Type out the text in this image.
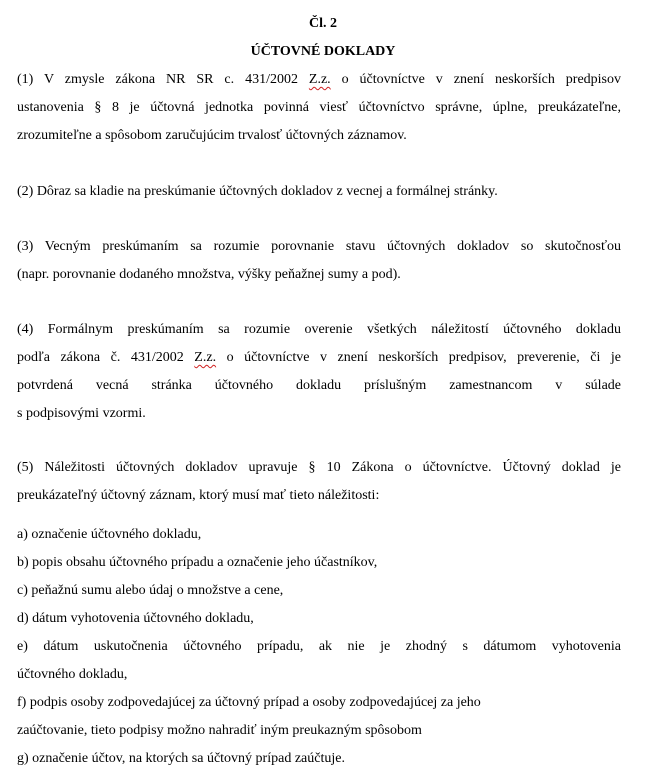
Čl. 2
ÚČTOVNÉ DOKLADY
(1) V zmysle zákona NR SR c. 431/2002 Z.z. o účtovníctve v znení neskorších predpisov
ustanovenia § 8 je účtovná jednotka povinná viesť účtovníctvo správne, úplne, preukázateľne,
zrozumiteľne a spôsobom zaručujúcim trvalosť účtovných záznamov.
(2) Dôraz sa kladie na preskúmanie účtovných dokladov z vecnej a formálnej stránky.
(3) Vecným preskúmaním sa rozumie porovnanie stavu účtovných dokladov so skutočnosťou
(napr. porovnanie dodaného množstva, výšky peňažnej sumy a pod).
(4) Formálnym preskúmaním sa rozumie overenie všetkých náležitostí účtovného dokladu
podľa zákona č. 431/2002 Z.z. o účtovníctve v znení neskorších predpisov, preverenie, či je
potvrdená vecná stránka účtovného dokladu príslušným zamestnancom v súlade
s podpisovými vzormi.
(5) Náležitosti účtovných dokladov upravuje § 10 Zákona o účtovníctve. Účtovný doklad je
preukázateľný účtovný záznam, ktorý musí mať tieto náležitosti:
a) označenie účtovného dokladu,
b) popis obsahu účtovného prípadu a označenie jeho účastníkov,
c) peňažnú sumu alebo údaj o množstve a cene,
d) dátum vyhotovenia účtovného dokladu,
e) dátum uskutočnenia účtovného prípadu, ak nie je zhodný s dátumom vyhotovenia
účtovného dokladu,
f) podpis osoby zodpovedajúcej za účtovný prípad a osoby zodpovedajúcej za jeho
zaúčtovanie, tieto podpisy možno nahradiť iným preukazným spôsobom
g) označenie účtov, na ktorých sa účtovný prípad zaúčtuje.
